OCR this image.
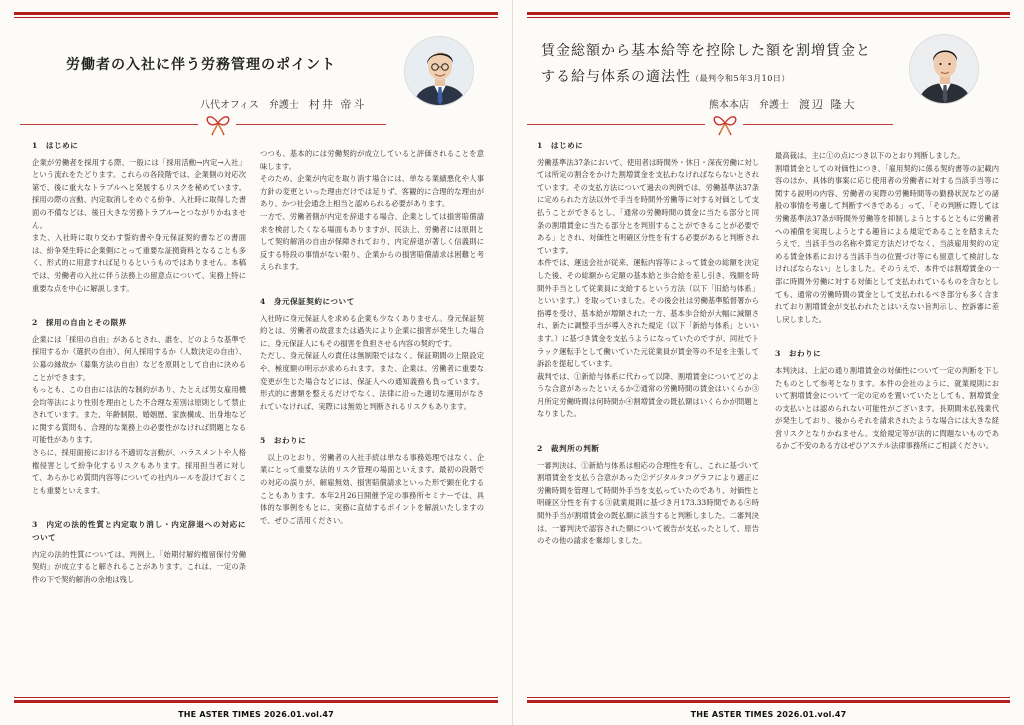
労働者の入社に伴う労務管理のポイント
八代オフィス　弁護士 村井 帝斗
1　はじめに

企業が労働者を採用する際、一般には「採用活動→内定→入社」という流れをたどります。これらの各段階では、企業側の対応次第で、後に重大なトラブルへと発展するリスクを秘めています。採用の際の言動、内定取消しをめぐる紛争、入社時に取得した書面の不備などは、後日大きな労務トラブル→とつながりかねません。

また、入社時に取り交わす誓約書や身元保証契約書などの書面は、紛争発生時に企業側にとって重要な証拠資料となることも多く、形式的に用意すれば足りるというものではありません。本稿では、労働者の入社に伴う法務上の留意点について、実務上特に重要な点を中心に解説します。

2　採用の自由とその限界

企業には「採用の自由」があるとされ、誰を、どのような基準で採用するか（選択の自由）、何人採用するか（人数決定の自由）、公募の縁故か（募集方法の自由）などを原則として自由に決めることができます。

もっとも、この自由には法的な制約があり、たとえば男女雇用機会均等法により性別を理由とした不合理な差別は原則として禁止されています。また、年齢制限、婚姻歴、家族構成、出身地などに関する質問も、合理的な業務上の必要性がなければ問題となる可能性があります。

さらに、採用面接における不適切な言動が、ハラスメントや人格権侵害として紛争化するリスクもあります。採用担当者に対して、あらかじめ質問内容等についての社内ルールを設けておくことも重要といえます。

3　内定の法的性質と内定取り消し・内定辞退への対応について

内定の法的性質については、判例上、「始期付解約権留保付労働契約」が成立すると解されることがあります。これは、一定の条件の下で契約解消の余地は残し

つつも、基本的には労働契約が成立していると評価されることを意味します。

そのため、企業が内定を取り消す場合には、単なる業績悪化や人事方針の変更といった理由だけでは足りず、客観的に合理的な理由があり、かつ社会通念上相当と認められる必要があります。

一方で、労働者側が内定を辞退する場合、企業としては損害賠償請求を検討したくなる場面もありますが、民法上、労働者には原則として契約解消の自由が保障されており、内定辞退が著しく信義則に反する特段の事情がない限り、企業からの損害賠償請求は困難と考えられます。

4　身元保証契約について

入社時に身元保証人を求める企業も少なくありません。身元保証契約とは、労働者の故意または過失により企業に損害が発生した場合に、身元保証人にもその損害を負担させる内容の契約です。

ただし、身元保証人の責任は無制限ではなく、保証期間の上限設定や、極度額の明示が求められます。また、企業は、労働者に重要な変更が生じた場合などには、保証人への通知義務も負っています。形式的に書類を整えるだけでなく、法律に沿った適切な運用がなされていなければ、実際には無効と判断されるリスクもあります。

5　おわりに

　以上のとおり、労働者の入社手続は単なる事務処理ではなく、企業にとって重要な法的リスク管理の場面といえます。最初の段階での対応の誤りが、解雇無効、損害賠償請求といった形で顕在化することもあります。本年2月26日開催予定の事務所セミナーでは、具体的な事例をもとに、実務に直結するポイントを解説いたしますので、ぜひご活用ください。

THE ASTER TIMES 2026.01.vol.47
賃金総額から基本給等を控除した額を割増賃金と
する給与体系の適法性（最判令和5年3月10日）
熊本本店　弁護士 渡辺 隆大
1　はじめに

労働基準法37条において、使用者は時間外・休日・深夜労働に対しては所定の割合をかけた割増賃金を支払わなければならないとされています。その支払方法について過去の判例では、労働基準法37条に定められた方法以外で手当を時間外労働等に対する対価として支払うことができるとし、「通常の労働時間の賃金に当たる部分と同条の割増賃金に当たる部分とを判別することができることが必要である」とされ、対価性と明確区分性を有する必要があると判断されています。

本件では、運送会社が従来、運転内容等によって賃金の総額を決定した後、その総額から定額の基本給と歩合給を差し引き、残額を時間外手当として従業員に支給するという方法（以下「旧給与体系」といいます。）を取っていました。その後会社は労働基準監督署から指導を受け、基本給が増額された一方、基本歩合給が大幅に減額され、新たに調整手当が導入された規定（以下「新給与体系」といいます。）に基づき賃金を支払うようになっていたのですが、同社でトラック運転手として働いていた元従業員が賃金等の不足を主張して訴訟を提起しています。

裁判では、①新給与体系に代わって以降、割増賃金についてどのような合意があったといえるか②通常の労働時間の賃金はいくらか③月所定労働時間は何時間か④割増賃金の既払額はいくらかが問題となりました。

2　裁判所の判断

一審判決は、①新給与体系は相応の合理性を有し、これに基づいて割増賃金を支払う合意があった②デジタルタコグラフにより適正に労働時間を管理して時間外手当を支払っていたのであり、対価性と明確区分性を有する③就業規則に基づき月173.33時間である④時間外手当が割増賃金の既払額に該当すると判断しました。二審判決は、一審判決で認容された額について被告が支払ったとして、原告のその他の請求を棄却しました。

最高裁は、主に①の点につき以下のとおり判断しました。

割増賃金としての対価性につき、「雇用契約に係る契約書等の記載内容のほか、具体的事案に応じ使用者の労働者に対する当該手当等に関する説明の内容、労働者の実際の労働時間等の勤務状況などの諸般の事情を考慮して判断すべきである」って、「その判断に際しては労働基準法37条が時間外労働等を抑制しようとするとともに労働者への補償を実現しようとする趣旨による規定であることを踏まえたうえで、当該手当の名称や算定方法だけでなく、当該雇用契約の定める賃金体系における当該手当の位置づけ等にも留意して検討しなければならない」としました。そのうえで、本件では割増賃金の一部に時間外労働に対する対価として支払われているものを含むとしても、通常の労働時間の賃金として支払われるべき部分も多く含まれており割増賃金が支払われたとはいえない旨判示し、控訴審に差し戻しました。

3　おわりに

本判決は、上記の通り割増賃金の対価性について一定の判断を下したものとして参考となります。本件の会社のように、就業規則において割増賃金について一定の定めを置いていたとしても、割増賃金の支払いとは認められない可能性がございます。長期間未払残業代が発生しており、後からそれを請求されたような場合には大きな経営リスクとなりかねません。支給規定等が法的に問題ないものであるかご不安のある方はぜひアステル法律事務所にご相談ください。

THE ASTER TIMES 2026.01.vol.47
